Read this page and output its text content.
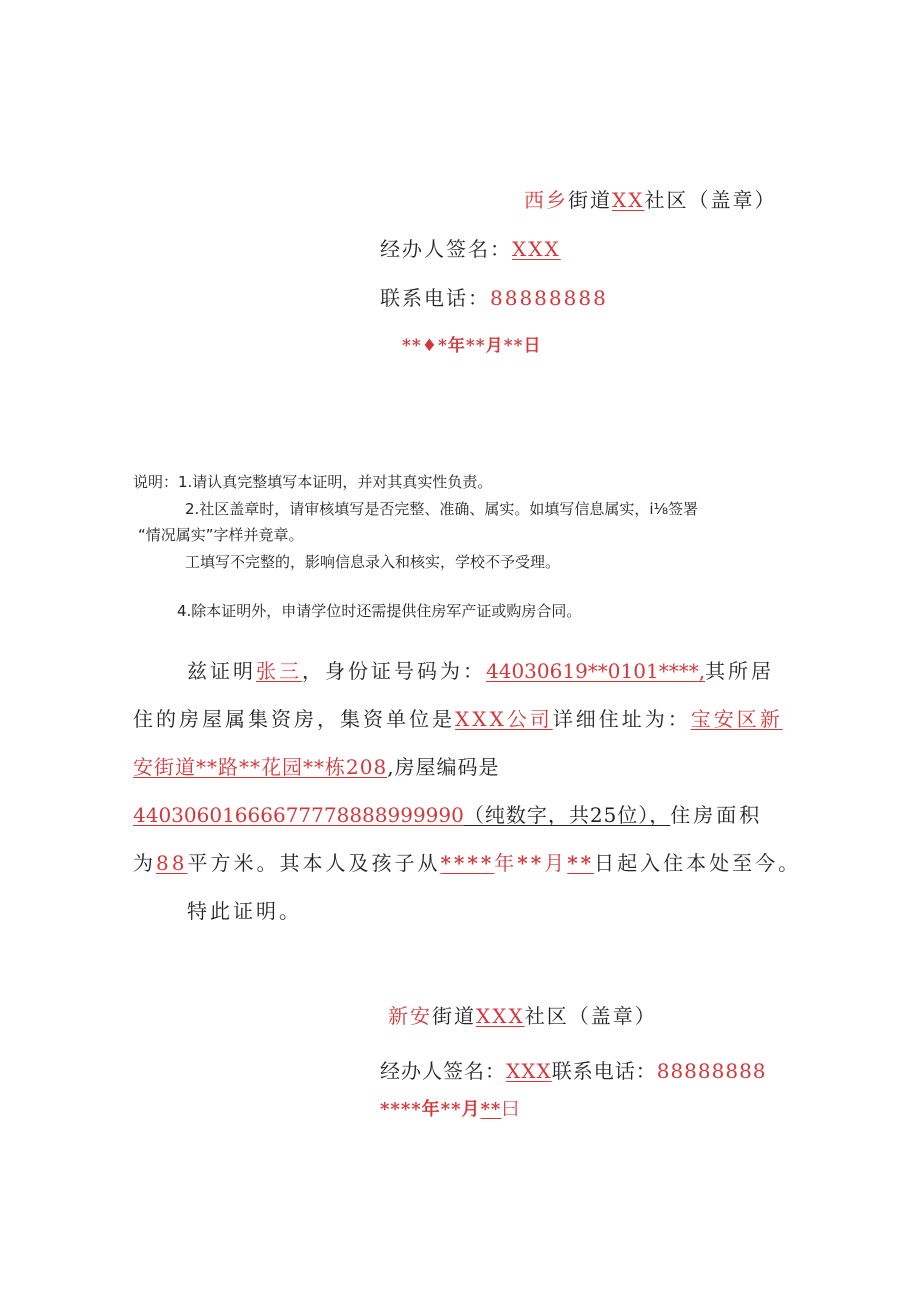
西乡街道XX社区（盖章）
经办人签名：XXX
联系电话：88888888
**♦*年**月**日
说明：1.请认真完整填写本证明，并对其真实性负责。
2.社区盖章时，请审核填写是否完整、准确、属实。如填写信息属实，i⅛签署
“情况属实”字样并竟章。
工填写不完整的，影响信息录入和核实，学校不予受理。
4.除本证明外，申请学位时还需提供住房军产证或购房合同。
兹证明张三，身份证号码为：44030619**0101****,其所居
住的房屋属集资房，集资单位是XXX公司详细住址为：宝安区新
安街道**路**花园**栋208,房屋编码是
44030601666677778888999990（纯数字，共25位），住房面积
为88平方米。其本人及孩子从****年**月**日起入住本处至今。
特此证明。
新安街道XXX社区（盖章）
经办人签名：XXX联系电话：88888888
****年**月**曰
